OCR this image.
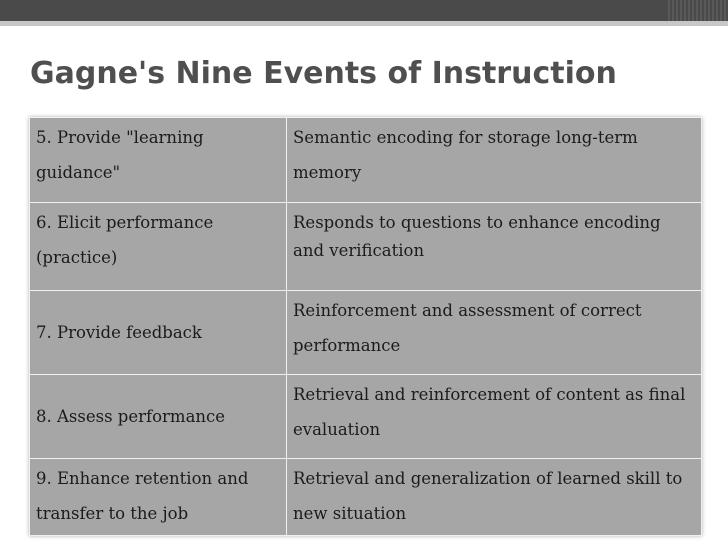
Gagne's Nine Events of Instruction
5. Provide "learning guidance"	Semantic encoding for storage long-term memory
6. Elicit performance (practice)	Responds to questions to enhance encoding and verification
7. Provide feedback	Reinforcement and assessment of correct performance
8. Assess performance	Retrieval and reinforcement of content as final evaluation
9. Enhance retention and transfer to the job	Retrieval and generalization of learned skill to new situation
